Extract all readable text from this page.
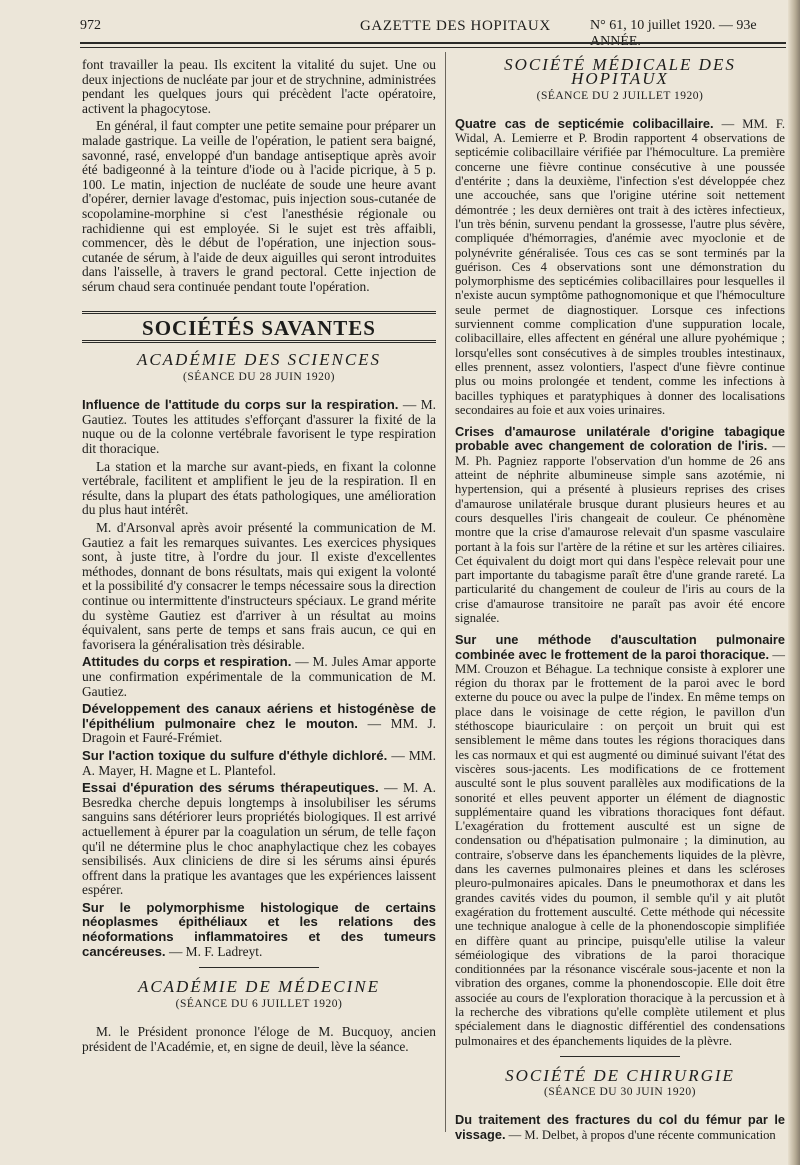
972	GAZETTE DES HOPITAUX	N° 61, 10 juillet 1920. — 93e ANNÉE.

font travailler la peau. Ils excitent la vitalité du sujet. Une ou deux injections de nucléate par jour et de strychnine, administrées pendant les quelques jours qui précèdent l'acte opératoire, activent la phagocytose.

En général, il faut compter une petite semaine pour préparer un malade gastrique. La veille de l'opération, le patient sera baigné, savonné, rasé, enveloppé d'un bandage antiseptique après avoir été badigeonné à la teinture d'iode ou à l'acide picrique, à 5 p. 100. Le matin, injection de nucléate de soude une heure avant d'opérer, dernier lavage d'estomac, puis injection sous-cutanée de scopolamine-morphine si c'est l'anesthésie régionale ou rachidienne qui est employée. Si le sujet est très affaibli, commencer, dès le début de l'opération, une injection sous-cutanée de sérum, à l'aide de deux aiguilles qui seront introduites dans l'aisselle, à travers le grand pectoral. Cette injection de sérum chaud sera continuée pendant toute l'opération.

SOCIÉTÉS SAVANTES
ACADÉMIE DES SCIENCES
(SÉANCE DU 28 JUIN 1920)

Influence de l'attitude du corps sur la respiration. — M. Gautiez. Toutes les attitudes s'efforçant d'assurer la fixité de la nuque ou de la colonne vertébrale favorisent le type respiration dit thoracique.

La station et la marche sur avant-pieds, en fixant la colonne vertébrale, facilitent et amplifient le jeu de la respiration. Il en résulte, dans la plupart des états pathologiques, une amélioration du plus haut intérêt.

M. d'Arsonval après avoir présenté la communication de M. Gautiez a fait les remarques suivantes. Les exercices physiques sont, à juste titre, à l'ordre du jour. Il existe d'excellentes méthodes, donnant de bons résultats, mais qui exigent la volonté et la possibilité d'y consacrer le temps nécessaire sous la direction continue ou intermittente d'instructeurs spéciaux. Le grand mérite du système Gautiez est d'arriver à un résultat au moins équivalent, sans perte de temps et sans frais aucun, ce qui en favorisera la généralisation très désirable.

Attitudes du corps et respiration. — M. Jules Amar apporte une confirmation expérimentale de la communication de M. Gautiez.

Développement des canaux aériens et histogénèse de l'épithélium pulmonaire chez le mouton. — MM. J. Dragoin et Fauré-Frémiet.

Sur l'action toxique du sulfure d'éthyle dichloré. — MM. A. Mayer, H. Magne et L. Plantefol.

Essai d'épuration des sérums thérapeutiques. — M. A. Besredka cherche depuis longtemps à insolubiliser les sérums sanguins sans détériorer leurs propriétés biologiques. Il est arrivé actuellement à épurer par la coagulation un sérum, de telle façon qu'il ne détermine plus le choc anaphylactique chez les cobayes sensibilisés. Aux cliniciens de dire si les sérums ainsi épurés offrent dans la pratique les avantages que les expériences laissent espérer.

Sur le polymorphisme histologique de certains néoplasmes épithéliaux et les relations des néoformations inflammatoires et des tumeurs cancéreuses. — M. F. Ladreyt.

ACADÉMIE DE MÉDECINE
(SÉANCE DU 6 JUILLET 1920)

M. le Président prononce l'éloge de M. Bucquoy, ancien président de l'Académie, et, en signe de deuil, lève la séance.

SOCIÉTÉ MÉDICALE DES HOPITAUX
(SÉANCE DU 2 JUILLET 1920)

Quatre cas de septicémie colibacillaire. — MM. F. Widal, A. Lemierre et P. Brodin rapportent 4 observations de septicémie colibacillaire vérifiée par l'hémoculture. La première concerne une fièvre continue consécutive à une poussée d'entérite ; dans la deuxième, l'infection s'est développée chez une accouchée, sans que l'origine utérine soit nettement démontrée ; les deux dernières ont trait à des ictères infectieux, l'un très bénin, survenu pendant la grossesse, l'autre plus sévère, compliquée d'hémorragies, d'anémie avec myoclonie et de polynévrite généralisée. Tous ces cas se sont terminés par la guérison. Ces 4 observations sont une démonstration du polymorphisme des septicémies colibacillaires pour lesquelles il n'existe aucun symptôme pathognomonique et que l'hémoculture seule permet de diagnostiquer. Lorsque ces infections surviennent comme complication d'une suppuration locale, colibacillaire, elles affectent en général une allure pyohémique ; lorsqu'elles sont consécutives à de simples troubles intestinaux, elles prennent, assez volontiers, l'aspect d'une fièvre continue plus ou moins prolongée et tendent, comme les infections à bacilles typhiques et paratyphiques à donner des localisations secondaires au foie et aux voies urinaires.

Crises d'amaurose unilatérale d'origine tabagique probable avec changement de coloration de l'iris. — M. Ph. Pagniez rapporte l'observation d'un homme de 26 ans atteint de néphrite albumineuse simple sans azotémie, ni hypertension, qui a présenté à plusieurs reprises des crises d'amaurose unilatérale brusque durant plusieurs heures et au cours desquelles l'iris changeait de couleur. Ce phénomène montre que la crise d'amaurose relevait d'un spasme vasculaire portant à la fois sur l'artère de la rétine et sur les artères ciliaires. Cet équivalent du doigt mort qui dans l'espèce relevait pour une part importante du tabagisme paraît être d'une grande rareté. La particularité du changement de couleur de l'iris au cours de la crise d'amaurose transitoire ne paraît pas avoir été encore signalée.

Sur une méthode d'auscultation pulmonaire combinée avec le frottement de la paroi thoracique. — MM. Crouzon et Béhague. La technique consiste à explorer une région du thorax par le frottement de la paroi avec le bord externe du pouce ou avec la pulpe de l'index. En même temps on place dans le voisinage de cette région, le pavillon d'un stéthoscope biauriculaire : on perçoit un bruit qui est sensiblement le même dans toutes les régions thoraciques dans les cas normaux et qui est augmenté ou diminué suivant l'état des viscères sous-jacents. Les modifications de ce frottement ausculté sont le plus souvent parallèles aux modifications de la sonorité et elles peuvent apporter un élément de diagnostic supplémentaire quand les vibrations thoraciques font défaut. L'exagération du frottement ausculté est un signe de condensation ou d'hépatisation pulmonaire ; la diminution, au contraire, s'observe dans les épanchements liquides de la plèvre, dans les cavernes pulmonaires pleines et dans les scléroses pleuro-pulmonaires apicales. Dans le pneumothorax et dans les grandes cavités vides du poumon, il semble qu'il y ait plutôt exagération du frottement ausculté. Cette méthode qui nécessite une technique analogue à celle de la phonendoscopie simplifiée en diffère quant au principe, puisqu'elle utilise la valeur séméiologique des vibrations de la paroi thoracique conditionnées par la résonance viscérale sous-jacente et non la vibration des organes, comme la phonendoscopie. Elle doit être associée au cours de l'exploration thoracique à la percussion et à la recherche des vibrations qu'elle complète utilement et plus spécialement dans le diagnostic différentiel des condensations pulmonaires et des épanchements liquides de la plèvre.

SOCIÉTÉ DE CHIRURGIE
(SÉANCE DU 30 JUIN 1920)

Du traitement des fractures du col du fémur par le vissage. — M. Delbet, à propos d'une récente communication
